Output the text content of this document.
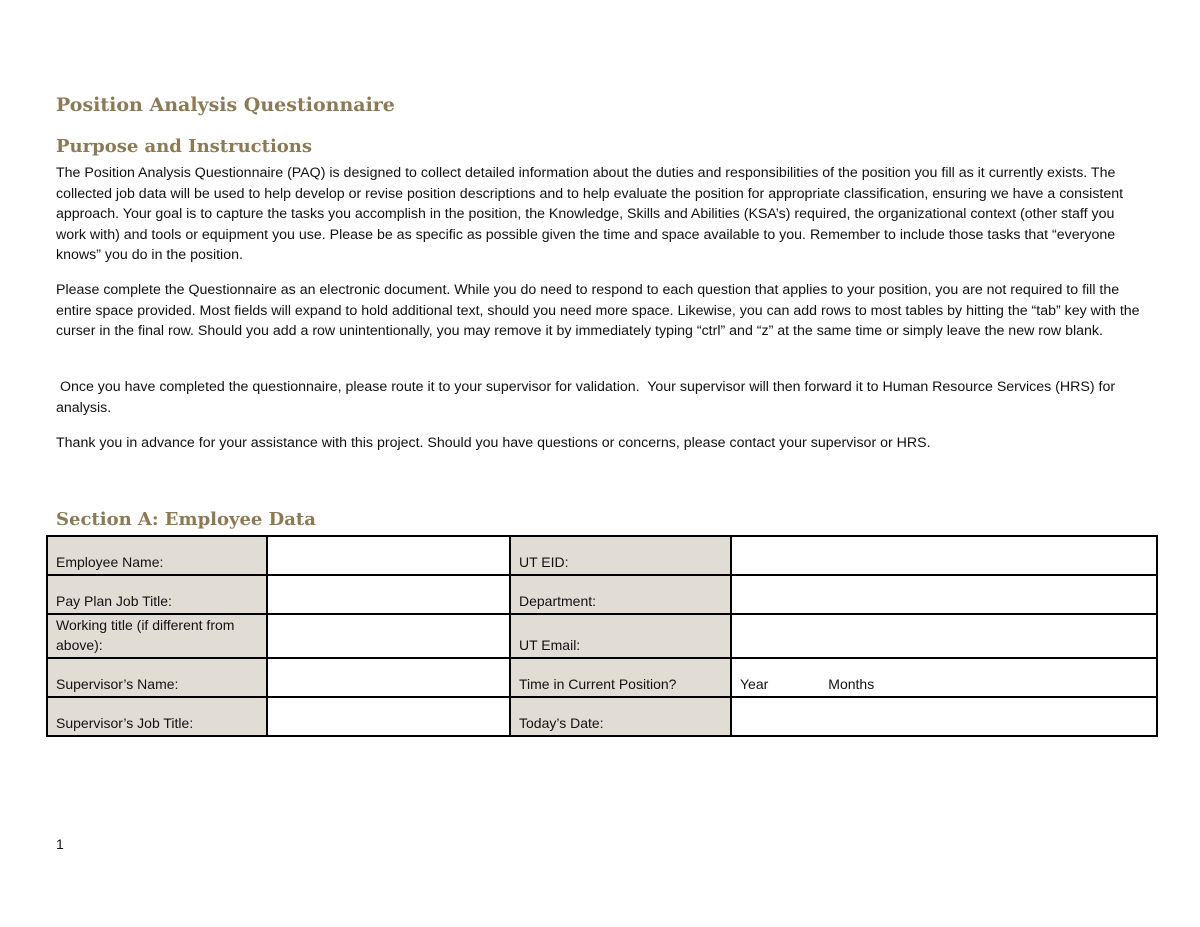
Position Analysis Questionnaire
Purpose and Instructions

The Position Analysis Questionnaire (PAQ) is designed to collect detailed information about the duties and responsibilities of the position you fill as it currently exists. The collected job data will be used to help develop or revise position descriptions and to help evaluate the position for appropriate classification, ensuring we have a consistent approach. Your goal is to capture the tasks you accomplish in the position, the Knowledge, Skills and Abilities (KSA’s) required, the organizational context (other staff you work with) and tools or equipment you use. Please be as specific as possible given the time and space available to you. Remember to include those tasks that “everyone knows” you do in the position.

Please complete the Questionnaire as an electronic document. While you do need to respond to each question that applies to your position, you are not required to fill the entire space provided. Most fields will expand to hold additional text, should you need more space. Likewise, you can add rows to most tables by hitting the “tab” key with the curser in the final row. Should you add a row unintentionally, you may remove it by immediately typing “ctrl” and “z” at the same time or simply leave the new row blank.

Once you have completed the questionnaire, please route it to your supervisor for validation.  Your supervisor will then forward it to Human Resource Services (HRS) for analysis.

Thank you in advance for your assistance with this project. Should you have questions or concerns, please contact your supervisor or HRS.

Section A: Employee Data
Employee Name:		UT EID:	
Pay Plan Job Title:		Department:	
Working title (if different from above):		UT Email:	
Supervisor’s Name:		Time in Current Position?	Year Months

Supervisor’s Job Title:		Today’s Date:	
1
